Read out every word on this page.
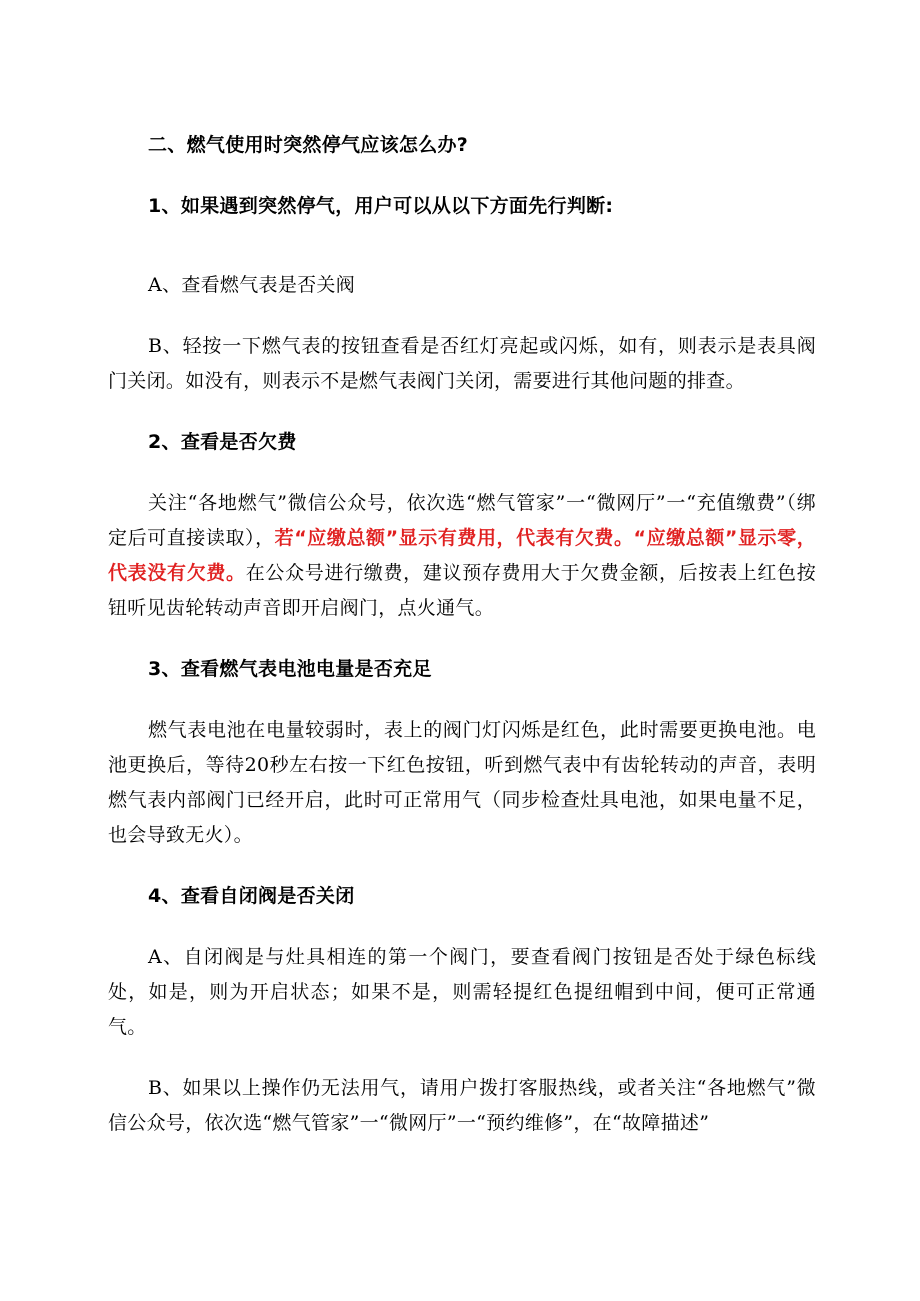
二、燃气使用时突然停气应该怎么办?
1、如果遇到突然停气，用户可以从以下方面先行判断:
A、查看燃气表是否关阀
B、轻按一下燃气表的按钮查看是否红灯亮起或闪烁，如有，则表示是表具阀门关闭。如没有，则表示不是燃气表阀门关闭，需要进行其他问题的排查。
2、查看是否欠费
关注“各地燃气”微信公众号，依次选“燃气管家”一“微网厅”一“充值缴费”（绑定后可直接读取），若“应缴总额”显示有费用，代表有欠费。“应缴总额”显示零，代表没有欠费。在公众号进行缴费，建议预存费用大于欠费金额，后按表上红色按钮听见齿轮转动声音即开启阀门，点火通气。
3、查看燃气表电池电量是否充足
燃气表电池在电量较弱时，表上的阀门灯闪烁是红色，此时需要更换电池。电池更换后，等待20秒左右按一下红色按钮，听到燃气表中有齿轮转动的声音，表明燃气表内部阀门已经开启，此时可正常用气（同步检查灶具电池，如果电量不足，也会导致无火）。
4、查看自闭阀是否关闭
A、自闭阀是与灶具相连的第一个阀门，要查看阀门按钮是否处于绿色标线处，如是，则为开启状态；如果不是，则需轻提红色提纽帽到中间，便可正常通气。
B、如果以上操作仍无法用气，请用户拨打客服热线，或者关注“各地燃气”微信公众号，依次选“燃气管家”一“微网厅”一“预约维修”，在“故障描述”
